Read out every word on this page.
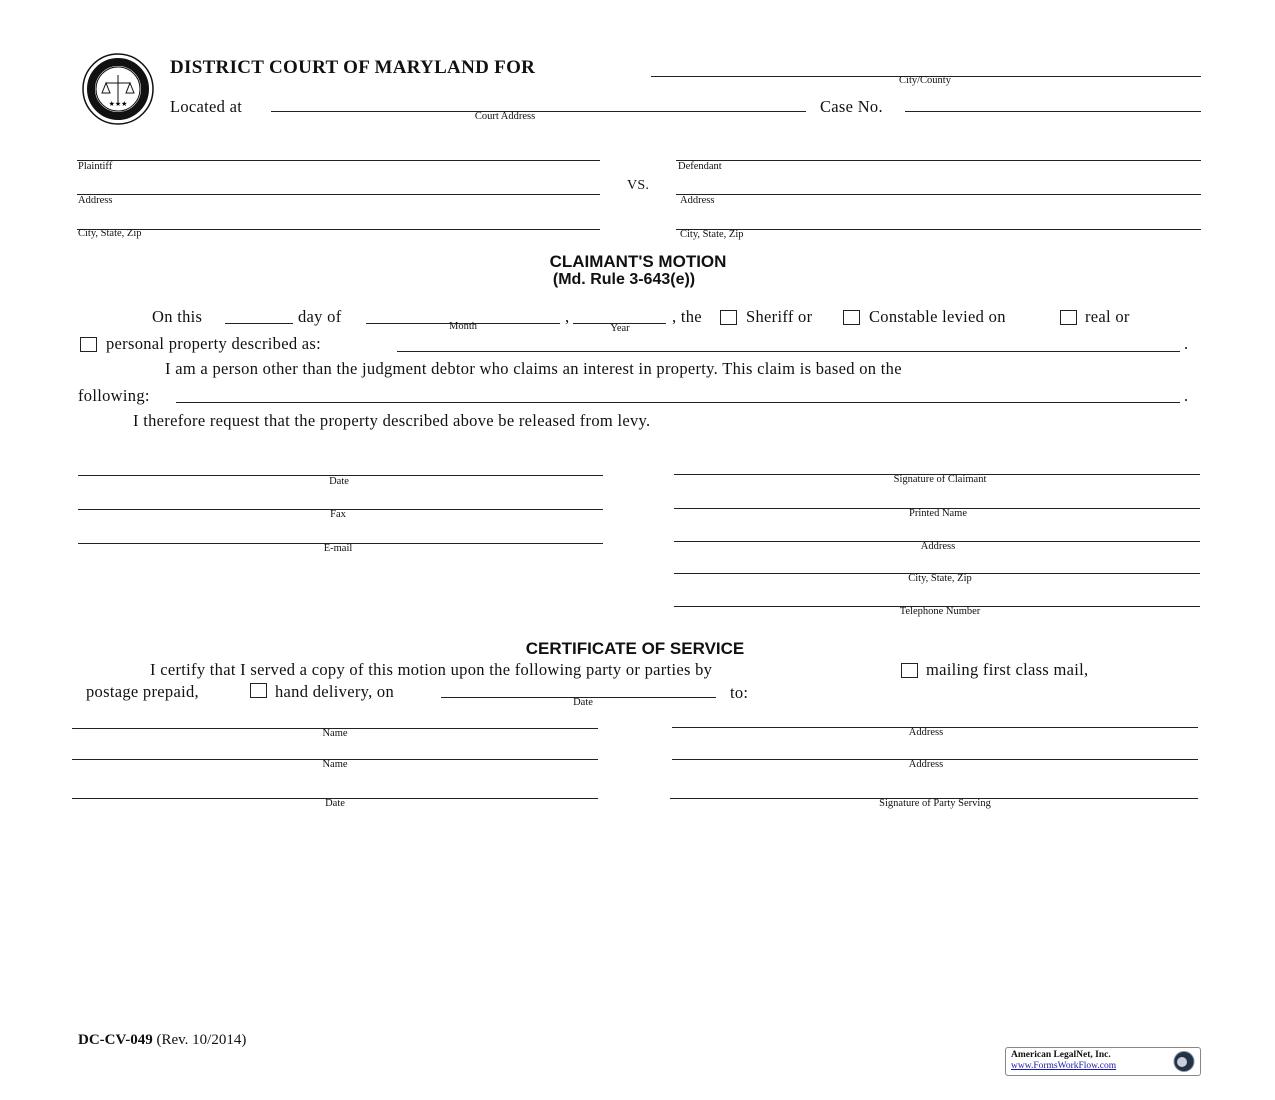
★★★
DISTRICT COURT OF MARYLAND FOR
City/County
Located at
Court Address
Case No.
Plaintiff
Address
City, State, Zip
VS.
Defendant
Address
City, State, Zip
CLAIMANT'S MOTION
(Md. Rule 3-643(e))
On this	day of
Month
,
Year
, the	Sheriff or	Constable levied on	real or
personal property described as:	.
I am a person other than the judgment debtor who claims an interest in property. This claim is based on the
following:	.
I therefore request that the property described above be released from levy.
Date
Fax
E-mail
Signature of Claimant
Printed Name
Address
City, State, Zip
Telephone Number
CERTIFICATE OF SERVICE
I certify that I served a copy of this motion upon the following party or parties by	mailing first class mail,
postage prepaid,	hand delivery, on
Date
to:
Name
Name
Date
Address
Address
Signature of Party Serving
DC-CV-049 (Rev. 10/2014)
American LegalNet, Inc.
www.FormsWorkFlow.com
